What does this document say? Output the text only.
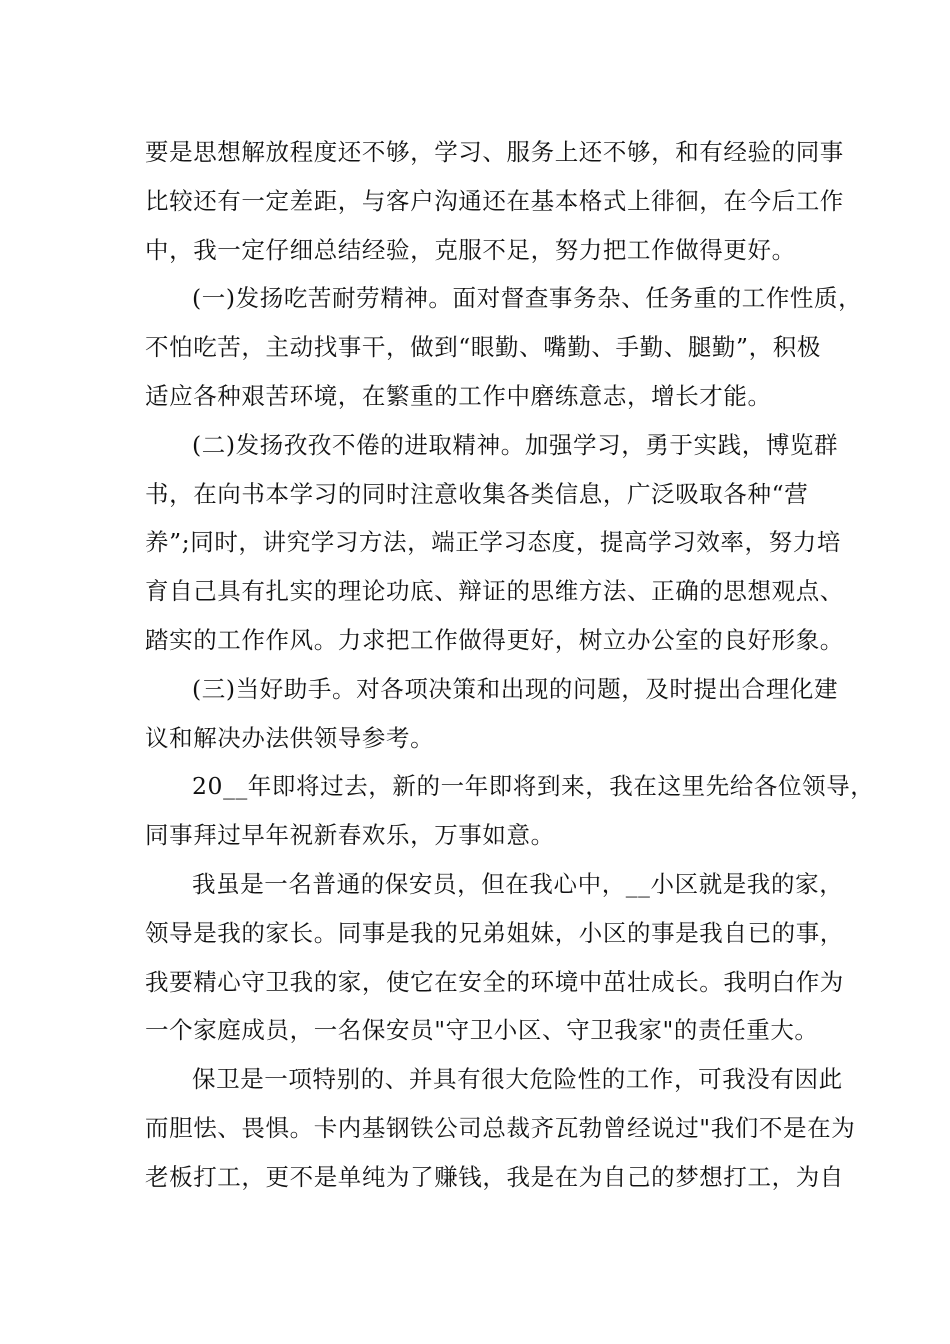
要是思想解放程度还不够，学习、服务上还不够，和有经验的同事
比较还有一定差距，与客户沟通还在基本格式上徘徊，在今后工作
中，我一定仔细总结经验，克服不足，努力把工作做得更好。
(一)发扬吃苦耐劳精神。面对督查事务杂、任务重的工作性质，
不怕吃苦，主动找事干，做到“眼勤、嘴勤、手勤、腿勤”，积极
适应各种艰苦环境，在繁重的工作中磨练意志，增长才能。
(二)发扬孜孜不倦的进取精神。加强学习，勇于实践，博览群
书，在向书本学习的同时注意收集各类信息，广泛吸取各种“营
养”;同时，讲究学习方法，端正学习态度，提高学习效率，努力培
育自己具有扎实的理论功底、辩证的思维方法、正确的思想观点、
踏实的工作作风。力求把工作做得更好，树立办公室的良好形象。
(三)当好助手。对各项决策和出现的问题，及时提出合理化建
议和解决办法供领导参考。
20__年即将过去，新的一年即将到来，我在这里先给各位领导，
同事拜过早年祝新春欢乐，万事如意。
我虽是一名普通的保安员，但在我心中，__小区就是我的家，
领导是我的家长。同事是我的兄弟姐妹，小区的事是我自已的事，
我要精心守卫我的家，使它在安全的环境中茁壮成长。我明白作为
一个家庭成员，一名保安员"守卫小区、守卫我家"的责任重大。
保卫是一项特别的、并具有很大危险性的工作，可我没有因此
而胆怯、畏惧。卡内基钢铁公司总裁齐瓦勃曾经说过"我们不是在为
老板打工，更不是单纯为了赚钱，我是在为自己的梦想打工，为自
